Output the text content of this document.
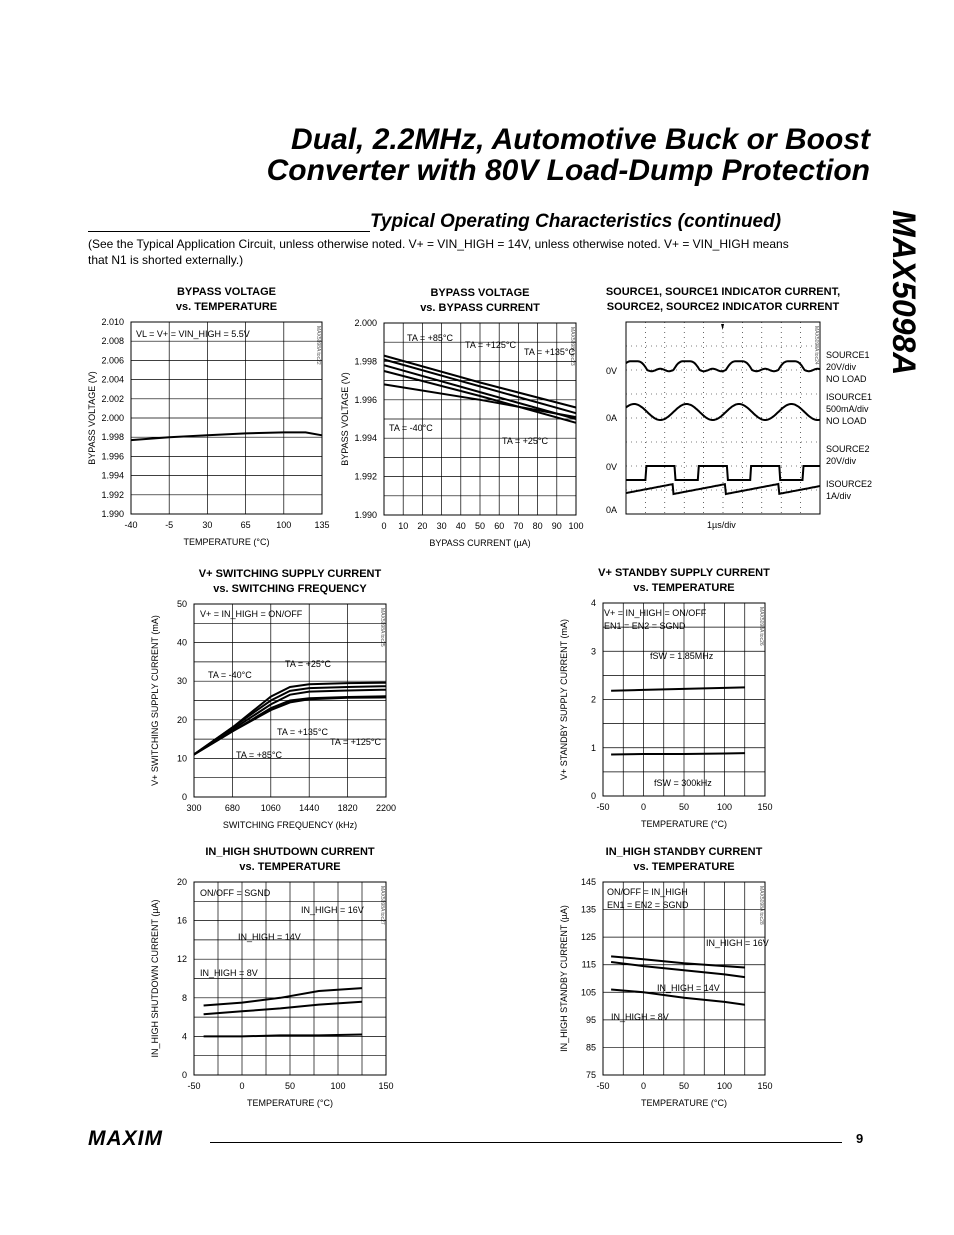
Dual, 2.2MHz, Automotive Buck or Boost
Converter with 80V Load-Dump Protection
Typical Operating Characteristics (continued)
(See the Typical Application Circuit, unless otherwise noted. V+ = VIN_HIGH = 14V, unless otherwise noted. V+ = VIN_HIGH means
that N1 is shorted externally.)	MAX5098A
BYPASS VOLTAGE
vs. TEMPERATURE
MAX5098A toc22
-40	-5	30	65	100	135
2.010
2.008
2.006
2.004
2.002
2.000
1.998
1.996
1.994
1.992
1.990
TEMPERATURE (°C)
BYPASS VOLTAGE (V)
VL = V+ = VIN_HIGH = 5.5V
BYPASS VOLTAGE
vs. BYPASS CURRENT
MAX5098A toc23
0 10 20 30 40 50 60 70 80 90 100
2.000
1.998
1.996
1.994
1.992
1.990
BYPASS CURRENT (µA)
BYPASS VOLTAGE (V)
TA = +85°C
TA = +125°C
TA = +135°C
TA = -40°C
TA = +25°C
SOURCE1, SOURCE1 INDICATOR CURRENT,
SOURCE2, SOURCE2 INDICATOR CURRENT
MAX5098A toc24
0V
0A
0V
0A
SOURCE1
20V/div
NO LOAD
ISOURCE1
500mA/div
NO LOAD
SOURCE2
20V/div
ISOURCE2
1A/div
1µs/div
V+ SWITCHING SUPPLY CURRENT
vs. SWITCHING FREQUENCY
MAX5098A toc25
300	680 1060 1440 1820 2200
50
40
30
20
10
0
SWITCHING FREQUENCY (kHz)
V+ SWITCHING SUPPLY CURRENT (mA)
V+ = IN_HIGH = ON/OFF
TA = -40°C
TA = +25°C
TA = +135°C
TA = +125°C
TA = +85°C
V+ STANDBY SUPPLY CURRENT
vs. TEMPERATURE
MAX5098A toc26
-50	0	50	100	150
4
3
2
1
0
TEMPERATURE (°C)
V+ STANDBY SUPPLY CURRENT (mA)
V+ = IN_HIGH = ON/OFF
EN1 = EN2 = SGND
fSW = 1.85MHz
fSW = 300kHz
IN_HIGH SHUTDOWN CURRENT
vs. TEMPERATURE
MAX5098A toc27
-50	0	50	100	150
20
16
12
8
4
0
TEMPERATURE (°C)
IN_HIGH SHUTDOWN CURRENT (µA)
ON/OFF = SGND
IN_HIGH = 16V
IN_HIGH = 14V
IN_HIGH = 8V
IN_HIGH STANDBY CURRENT
vs. TEMPERATURE
MAX5098A toc28
-50	0	50	100	150
145
135
125
115
105
95
85
75
TEMPERATURE (°C)
IN_HIGH STANDBY CURRENT (µA)
ON/OFF = IN_HIGH
EN1 = EN2 = SGND
IN_HIGH = 16V
IN_HIGH = 14V
IN_HIGH = 8V
MAXIM	9
